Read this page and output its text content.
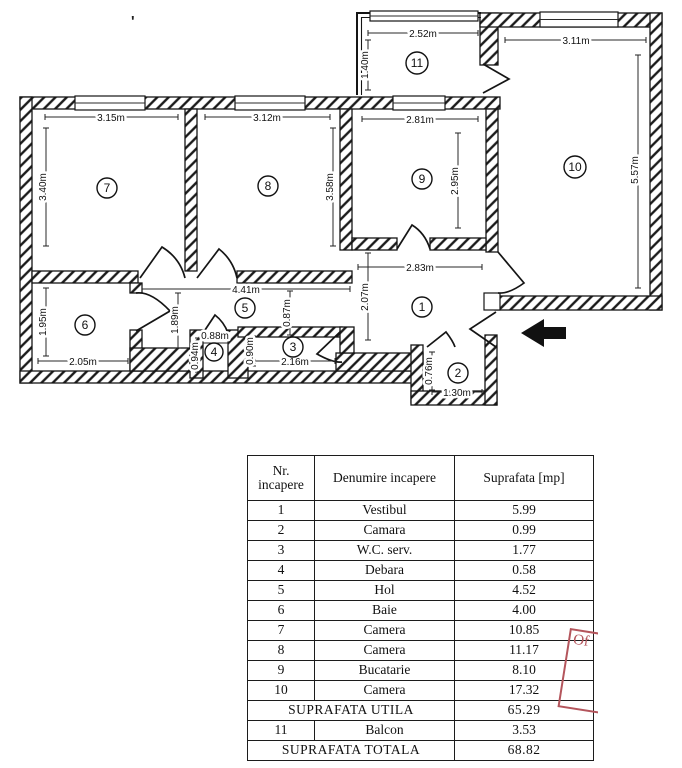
'
3.15m
3.40m
3.12m
3.58m
2.81m
2.95m
3.11m
5.57m
2.52m
1.40m
2.83m
2.07m
4.41m
1.89m	0.87m
2.05m
1.95m
0.88m
0.94m	0.90m	2.16m	0.76m
1.30m
1
2
3
4
5
6
7	8	9
10
11
Nr. incapere	Denumire incapere	Suprafata [mp]
1	Vestibul	5.99
2	Camara	0.99
3	W.C. serv.	1.77
4	Debara	0.58
5	Hol	4.52
6	Baie	4.00
7	Camera	10.85
8	Camera	11.17
9	Bucatarie	8.10
10	Camera	17.32
SUPRAFATA UTILA		65.29
11	Balcon	3.53
SUPRAFATA TOTALA		68.82
Of
